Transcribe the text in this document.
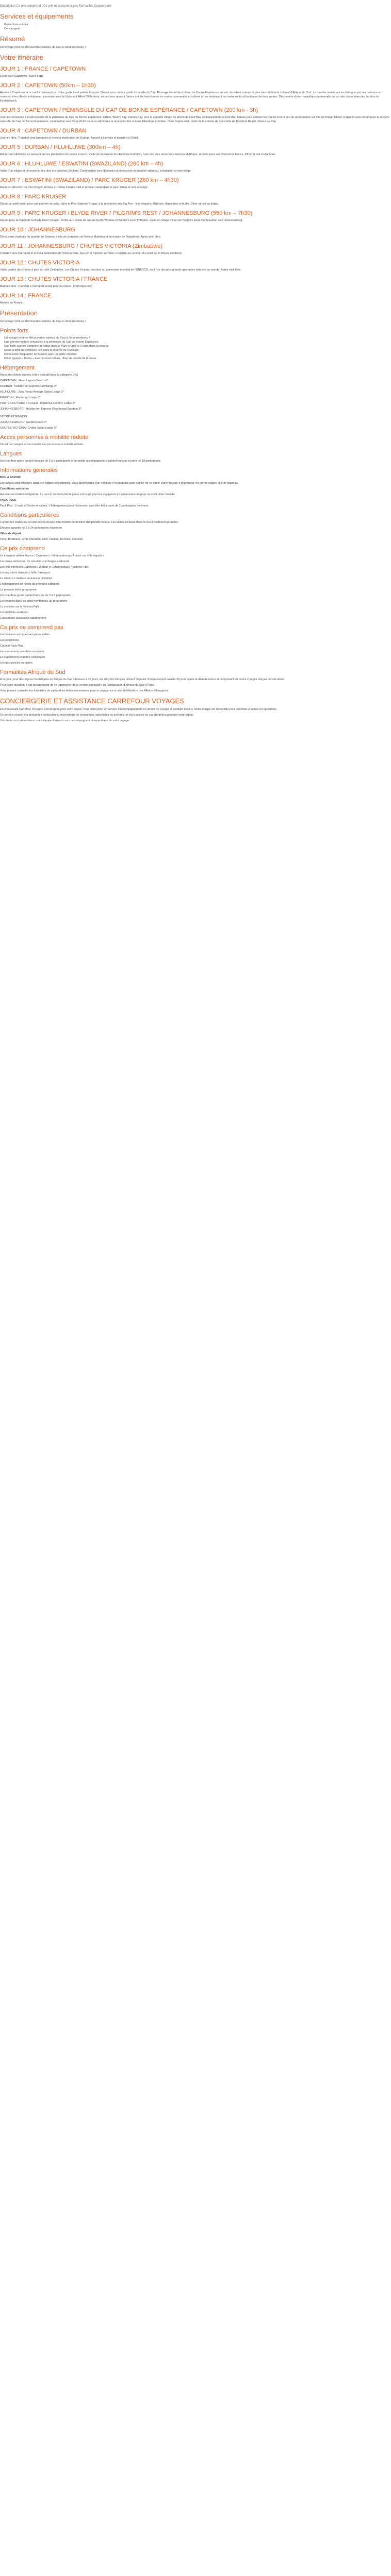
Description Ce prix comprend / Ce prix ne comprend pas Formalités Conciergerie

Services et équipements
• Guide francophone
• Conciergerie
Résumé

Un voyage riche en découvertes variées, du Cap à Johannesbourg !

Votre itinéraire
JOUR 1 : FRANCE / CAPETOWN

Envol pour Capetown. Nuit à bord.

JOUR 2 : CAPETOWN (50km – 1h30)

Arrivée à Capetown et accueil à l'aéroport par votre guide local parlant français. Départ pour un tour guidé de la ville du Cap. Passage devant le château de Bonne-Espérance qui est considéré comme le plus vieux bâtiment colonial d'Afrique du Sud. Le quartier malais qui se distingue par ses maisons aux couleurs vives. Après le déjeuner, poursuite avec le Victoria & Alfred Waterfront, les anciens quais à l'ancre ont été transformés en centre commercial et culturel où se mélangent les restaurants et boutiques de tous genres. Découverte d'une magnifique promenade sur un site classé dans les Jardins de Kirstenbosch.

JOUR 3 : CAPETOWN / PÉNINSULE DU CAP DE BONNE ESPÉRANCE / CAPETOWN (200 km - 3h)

Journée consacrée à la découverte de la péninsule du Cap de Bonne Espérance. Clifton, Bantry Bay, Camps Bay, vers le superbe village de pêche de Hout Bay, embarquement à bord d'un bateau pour admirer les otaries et leur lieu de reproduction sur l'île de Duiker Island. Déjeuner puis départ pour la réserve naturelle du Cap de Bonne Espérance, continuation vers Cape Point où vous admirerez la rencontre des océans Atlantique et Indien. Dans l'après-midi, visite de la colonie de manchots de Boulders Beach. Retour au Cap.

JOUR 4 : CAPETOWN / DURBAN

Journée libre. Transfert vers l'aéroport et envol à destination de Durban. Accueil à l'arrivée et transfert à l'hôtel.

JOUR 5 : DURBAN / HLUHLUWE (300km – 4h)

Route vers Hluhluwe en passant par les plantations de canne à sucre. Visite de la réserve de Hluhluwe-Umfolozi, l'une des plus anciennes réserves d'Afrique, réputée pour ses rhinocéros blancs. Dîner et nuit à Hluhluwe.

JOUR 6 : HLUHLUWE / ESWATINI (SWAZILAND) (280 km – 4h)

Visite d'un village et découverte des rites et coutumes Zoulous. Continuation vers l'Eswatini et découverte du marché artisanal. Installation à votre lodge.

JOUR 7 : ESWATINI (SWAZILAND) / PARC KRUGER (260 km – 4h30)

Route en direction du Parc Kruger. Arrivée en début d'après-midi et premier safari dans le parc. Dîner et nuit au lodge.

JOUR 8 : PARC KRUGER

Départ au petit matin pour une journée de safari dans le Parc National Kruger, à la recherche des Big Five : lion, léopard, éléphant, rhinocéros et buffle. Dîner et nuit au lodge.

JOUR 9 : PARC KRUGER / BLYDE RIVER / PILGRIM'S REST / JOHANNESBURG (550 km – 7h30)

Départ pour la région de la Blyde River Canyon. Arrêts aux points de vue de God's Window et Bourke's Luck Potholes. Visite du village minier de Pilgrim's Rest. Continuation vers Johannesburg.

JOUR 10 : JOHANNESBURG

Découverte matinale du quartier de Soweto, visite de la maison de Nelson Mandela et du musée de l'Apartheid. Après-midi libre.

JOUR 11 : JOHANNESBURG / CHUTES VICTORIA (Zimbabwe)

Transfert vers l'aéroport et envol à destination de Victoria Falls. Accueil et transfert à l'hôtel. Croisière au coucher du soleil sur le fleuve Zambèze.

JOUR 12 : CHUTES VICTORIA

Visite guidée des chutes à pied du côté Zimbabwe. Les Chutes Victoria, inscrites au patrimoine mondial de l'UNESCO, sont l'un des plus grands spectacles naturels au monde. Après-midi libre.

JOUR 13 : CHUTES VICTORIA / FRANCE

Matinée libre. Transfert à l'aéroport, envol pour la France. (Petit déjeuner)

JOUR 14 : FRANCE

Arrivée en France.

Présentation

Un voyage riche en découvertes variées, du Cap à Johannesbourg !

Points forts
• Un voyage riche en découvertes variées, du Cap à Johannesbourg !
• Une journée entière consacrée à la péninsule du Cap de Bonne Espérance
• Une belle journée complète de safari dans le Parc Kruger et 2 nuits dans la réserve
• Safari à bord de véhicules 4x4 dans la réserve de Hluhluwe
• Découverte du quartier de Soweto avec un guide résident
• Dîner typique « Boma » avec le renoir tribale, dîner de viande de brousse
Hébergement

Notes des hôtels donnés à titre indicatif dans la catégorie (NL)

CAPETOWN : Hotel Lagoon Beach 4*

DURBAN : Holiday Inn Express Umhlanga 3*

HLUHLUWE : Zulu Nyala Heritage Safari Lodge 3*

ESWATINI : Mantenga Lodge 3*

PORTES DU PARC KRUGER : Ingwenya Country Lodge 3*

JOHANNESBURG : Holiday Inn Express Woodmead Sandton 3*

VOTRE EXTENSION

JOHANNESBURG : Garden Court 3*

CHUTES VICTORIA : Chobe Safari Lodge 3*

Accès personnes à mobilité réduite

Circuit non adapté et déconseillé aux personnes à mobilité réduite.

Langues

Un chauffeur guide parlant français de 2 à 9 participants et un guide accompagnateur parlant français à partir de 10 participants.

Informations générales

BON À SAVOIR

Les safaris sont effectués dans des lodges sélectionnés. Vous bénéficierez d'un véhicule et d'un guide sans oublier de se munir d'une trousse à pharmacie, de crème solaire et d'un chapeau.

Conditions sanitaires

Aucune vaccination obligatoire. Le vaccin contre la fièvre jaune est exigé pour les voyageurs en provenance de pays où sévit cette maladie.

PACK PLUS

Pack Plus : 2 nuits à Chobe et safaris. L'hébergement pour l'extension peut être fait à partir de 2 participants minimum.

Conditions particulières

L'ordre des visites sur un site du circuit peut être modifié en fonction d'impératifs locaux. Les visites incluses dans le circuit resteront garanties.

Départs garantis de 2 à 24 participants maximum.

Villes de départ

Paris, Bordeaux, Lyon, Marseille, Nice, Nantes, Rennes, Toulouse

Ce prix comprend

Le transport aérien France / Capetown / Johannesbourg / France sur vols réguliers

Les taxes aériennes, de sécurité, surcharges carburant

Les vols intérieurs Capetown / Durban et Johannesburg / Victoria Falls

Les transferts aéroport / hôtel / aéroport

Le circuit en minibus ou autocar climatisé

L'hébergement en hôtels de première catégorie

La pension selon programme

Un chauffeur-guide parlant français de 2 à 9 participants

Les entrées dans les sites mentionnés au programme

La croisière sur la Victoria Falls

Les activités au départ

L'assurance assistance rapatriement

Ce prix ne comprend pas

Les boissons et dépenses personnelles

Les pourboires

Caution Pack Plus

Les excursions possibles en option

Le supplément chambre individuelle

Les assurances en option

Formalités Afrique du Sud

À ce jour, pour des séjours touristiques en Afrique du Sud inférieurs à 90 jours, les citoyens français doivent disposer d'un passeport valable 30 jours après la date de retour et comportant au moins 2 pages vierges consécutives.

Pour toute question, il est recommandé de se rapprocher de la section consulaire de l'ambassade d'Afrique du Sud à Paris.

Vous pouvez consulter les formalités de santé et les fiches nécessaires pour le voyage sur le site du Ministère des Affaires Étrangères.

CONCIERGERIE ET ASSISTANCE CARREFOUR VOYAGES

En choisissant Carrefour Voyages Conciergerie pour votre séjour, vous optez pour un service d'accompagnement en amont du voyage et pendant celui-ci. Notre équipe est disponible pour répondre à toutes vos questions.

Ce service couvre vos demandes particulières, réservations de restaurants, spectacles ou activités, et vous assiste en cas d'imprévu pendant votre séjour.

Vos droits sont préservés et notre équipe d'experts vous accompagne à chaque étape de votre voyage.
